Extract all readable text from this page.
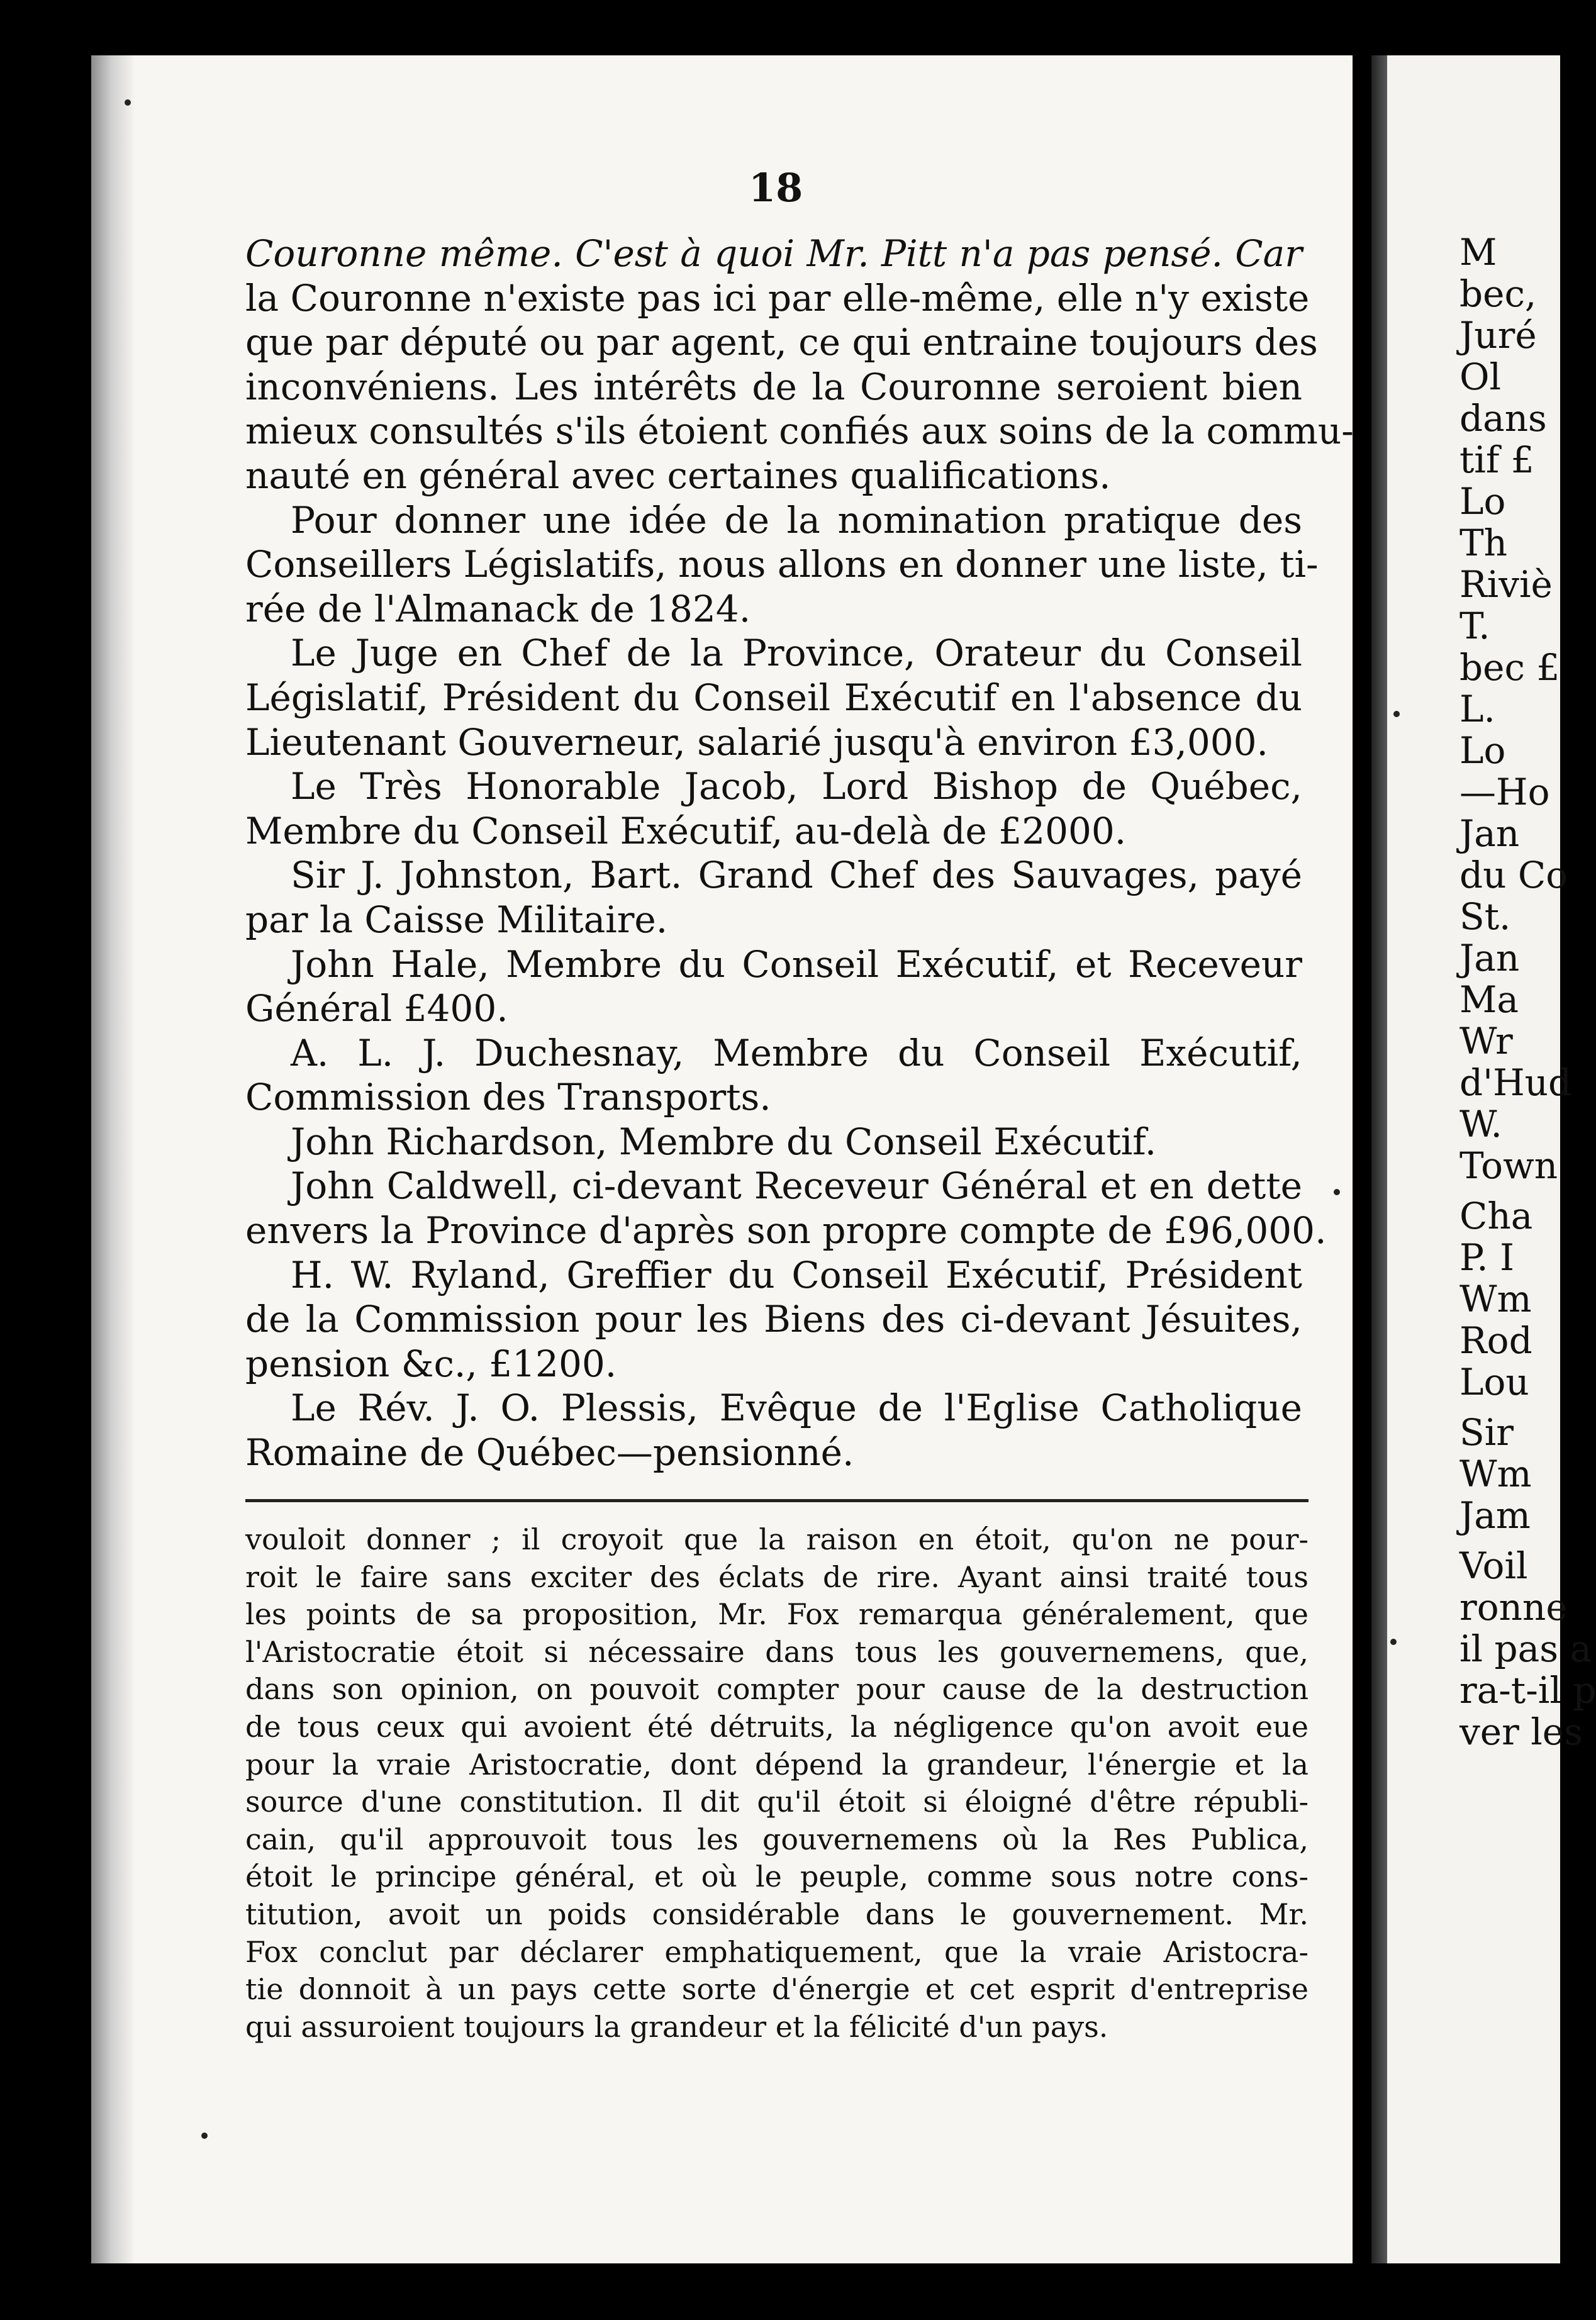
18
Couronne même. C'est à quoi Mr. Pitt n'a pas pensé. Car
la Couronne n'existe pas ici par elle-même, elle n'y existe
que par député ou par agent, ce qui entraine toujours des
inconvéniens. Les intérêts de la Couronne seroient bien
mieux consultés s'ils étoient confiés aux soins de la commu-
nauté en général avec certaines qualifications.
Pour donner une idée de la nomination pratique des
Conseillers Législatifs, nous allons en donner une liste, ti-
rée de l'Almanack de 1824.
Le Juge en Chef de la Province, Orateur du Conseil
Législatif, Président du Conseil Exécutif en l'absence du
Lieutenant Gouverneur, salarié jusqu'à environ £3,000.
Le Très Honorable Jacob, Lord Bishop de Québec,
Membre du Conseil Exécutif, au-delà de £2000.
Sir J. Johnston, Bart. Grand Chef des Sauvages, payé
par la Caisse Militaire.
John Hale, Membre du Conseil Exécutif, et Receveur
Général £400.
A. L. J. Duchesnay, Membre du Conseil Exécutif,
Commission des Transports.
John Richardson, Membre du Conseil Exécutif.
John Caldwell, ci-devant Receveur Général et en dette
envers la Province d'après son propre compte de £96,000.
H. W. Ryland, Greffier du Conseil Exécutif, Président
de la Commission pour les Biens des ci-devant Jésuites,
pension &c., £1200.
Le Rév. J. O. Plessis, Evêque de l'Eglise Catholique
Romaine de Québec—pensionné.
vouloit donner ; il croyoit que la raison en étoit, qu'on ne pour-
roit le faire sans exciter des éclats de rire. Ayant ainsi traité tous
les points de sa proposition, Mr. Fox remarqua généralement, que
l'Aristocratie étoit si nécessaire dans tous les gouvernemens, que,
dans son opinion, on pouvoit compter pour cause de la destruction
de tous ceux qui avoient été détruits, la négligence qu'on avoit eue
pour la vraie Aristocratie, dont dépend la grandeur, l'énergie et la
source d'une constitution. Il dit qu'il étoit si éloigné d'être républi-
cain, qu'il approuvoit tous les gouvernemens où la Res Publica,
étoit le principe général, et où le peuple, comme sous notre cons-
titution, avoit un poids considérable dans le gouvernement. Mr.
Fox conclut par déclarer emphatiquement, que la vraie Aristocra-
tie donnoit à un pays cette sorte d'énergie et cet esprit d'entreprise
qui assuroient toujours la grandeur et la félicité d'un pays.
M
bec,
Juré
Ol
dans
tif £
Lo
Th
Riviè
T.
bec £
L.
Lo
—Ho
Jan
du Co
St.
Jan
Ma
Wr
d'Hud
W.
Town
Cha
P. I
Wm
Rod
Lou
Sir
Wm
Jam
Voil
ronne
il pas a
ra-t-il p
ver les
